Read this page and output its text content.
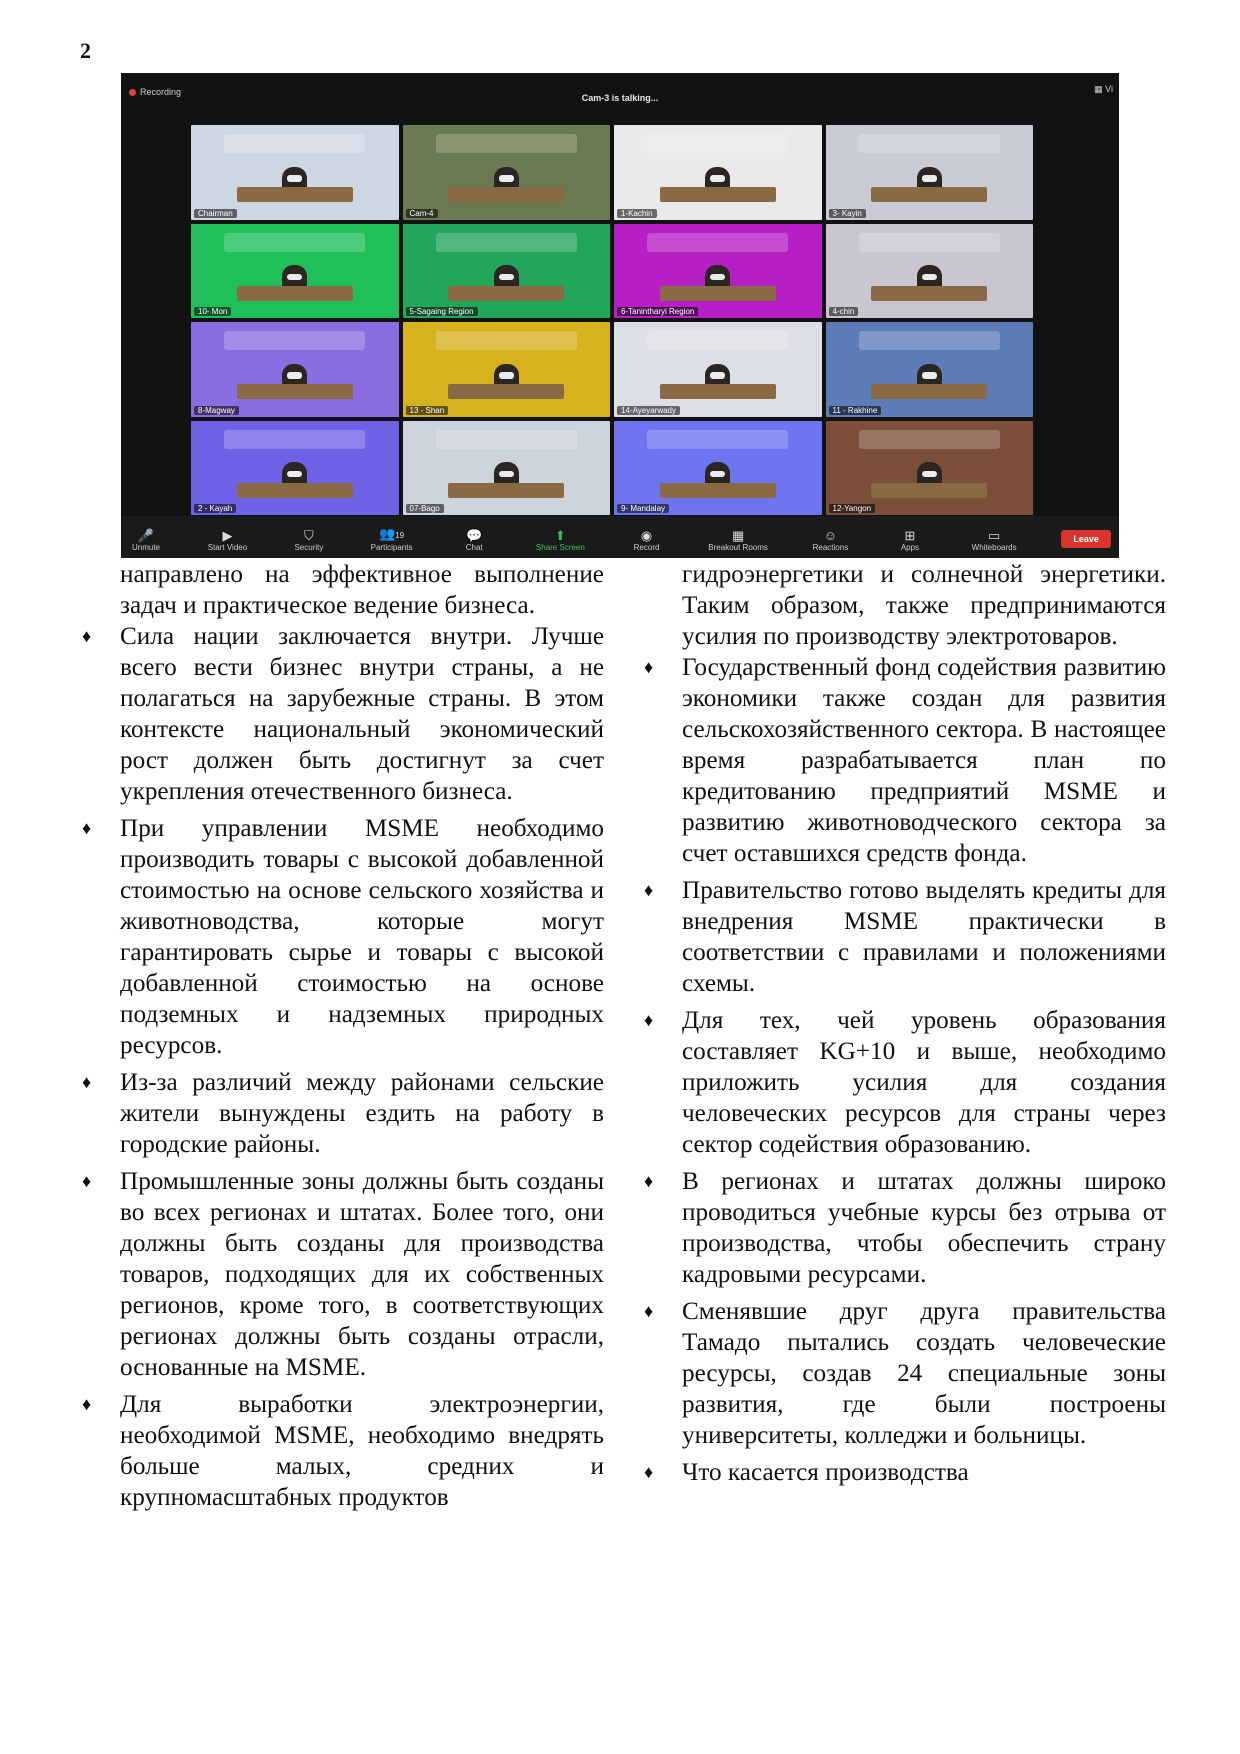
2
Recording
Cam-3 is talking...
▦ Vi
Chairman	Cam-4	1-Kachin	3- Kayin
10- Mon	5-Sagaing Region	6-Tanintharyi Region	4-chin
8-Magway	13 - Shan	14-Ayeyarwady	11 - Rakhine
2 - Kayah	07-Bago	9- Mandalay	12-Yangon
🎤
Unmute
▶
Start Video
⛉
Security
👥19
Participants
💬
Chat
⬆
Share Screen
◉
Record
▦
Breakout Rooms
☺
Reactions
⊞
Apps
▭
Whiteboards
Leave

направлено на эффективное выполнение задач и практическое ведение бизнеса.

♦ Сила нации заключается внутри. Лучше всего вести бизнес внутри страны, а не полагаться на зарубежные страны. В этом контексте национальный экономический рост должен быть достигнут за счет укрепления отечественного бизнеса.

♦ При управлении MSME необходимо производить товары с высокой добавленной стоимостью на основе сельского хозяйства и животноводства, которые могут гарантировать сырье и товары с высокой добавленной стоимостью на основе подземных и надземных природных ресурсов.

♦ Из-за различий между районами сельские жители вынуждены ездить на работу в городские районы.

♦ Промышленные зоны должны быть созданы во всех регионах и штатах. Более того, они должны быть созданы для производства товаров, подходящих для их собственных регионов, кроме того, в соответствующих регионах должны быть созданы отрасли, основанные на MSME.

♦ Для выработки электроэнергии, необходимой MSME, необходимо внедрять больше малых, средних и крупномасштабных продуктов

гидроэнергетики и солнечной энергетики. Таким образом, также предпринимаются усилия по производству электротоваров.

♦ Государственный фонд содействия развитию экономики также создан для развития сельскохозяйственного сектора. В настоящее время разрабатывается план по кредитованию предприятий MSME и развитию животноводческого сектора за счет оставшихся средств фонда.

♦ Правительство готово выделять кредиты для внедрения MSME практически в соответствии с правилами и положениями схемы.

♦ Для тех, чей уровень образования составляет KG+10 и выше, необходимо приложить усилия для создания человеческих ресурсов для страны через сектор содействия образованию.

♦ В регионах и штатах должны широко проводиться учебные курсы без отрыва от производства, чтобы обеспечить страну кадровыми ресурсами.

♦ Сменявшие друг друга правительства Тамадо пытались создать человеческие ресурсы, создав 24 специальные зоны развития, где были построены университеты, колледжи и больницы.

♦ Что касается производства
